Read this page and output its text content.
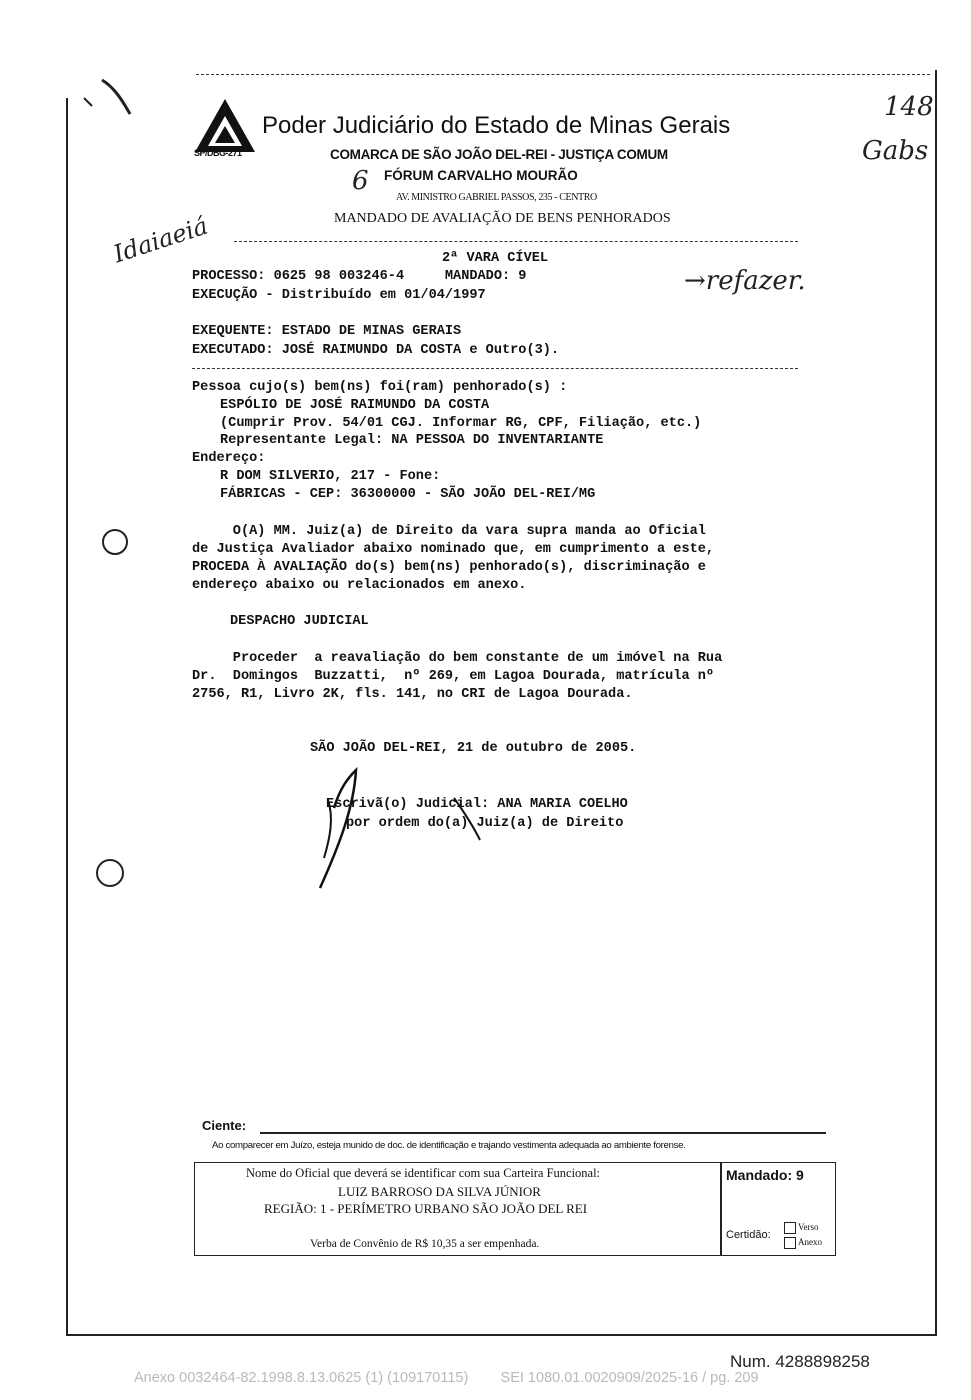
SP/DBG-271
Poder Judiciário do Estado de Minas Gerais
COMARCA DE SÃO JOÃO DEL-REI - JUSTIÇA COMUM
FÓRUM CARVALHO MOURÃO
AV. MINISTRO GABRIEL PASSOS, 235 - CENTRO
MANDADO DE AVALIAÇÃO DE BENS PENHORADOS
6
148
Gabs
Idaiaeiá
→refazer.
2ª VARA CÍVEL
PROCESSO: 0625 98 003246-4     MANDADO: 9
EXECUÇÃO - Distribuído em 01/04/1997
EXEQUENTE: ESTADO DE MINAS GERAIS
EXECUTADO: JOSÉ RAIMUNDO DA COSTA e Outro(3).
Pessoa cujo(s) bem(ns) foi(ram) penhorado(s) :
ESPÓLIO DE JOSÉ RAIMUNDO DA COSTA
(Cumprir Prov. 54/01 CGJ. Informar RG, CPF, Filiação, etc.)
Representante Legal: NA PESSOA DO INVENTARIANTE
Endereço:
R DOM SILVERIO, 217 - Fone:
FÁBRICAS - CEP: 36300000 - SÃO JOÃO DEL-REI/MG
O(A) MM. Juiz(a) de Direito da vara supra manda ao Oficial
de Justiça Avaliador abaixo nominado que, em cumprimento a este,
PROCEDA À AVALIAÇÃO do(s) bem(ns) penhorado(s), discriminação e
endereço abaixo ou relacionados em anexo.
DESPACHO JUDICIAL
Proceder  a reavaliação do bem constante de um imóvel na Rua
Dr.  Domingos  Buzzatti,  nº 269, em Lagoa Dourada, matrícula nº
2756, R1, Livro 2K, fls. 141, no CRI de Lagoa Dourada.
SÃO JOÃO DEL-REI, 21 de outubro de 2005.
Escrivã(o) Judicial: ANA MARIA COELHO
por ordem do(a) Juiz(a) de Direito
Ciente:
Ao comparecer em Juízo, esteja munido de doc. de identificação e trajando vestimenta adequada ao ambiente forense.
Nome do Oficial que deverá se identificar com sua Carteira Funcional:
LUIZ BARROSO DA SILVA JÚNIOR
REGIÃO: 1 - PERÍMETRO URBANO SÃO JOÃO DEL REI
Verba de Convênio de R$ 10,35 a ser empenhada.
Mandado: 9
Certidão:
Verso
Anexo
Num. 4288898258
Anexo 0032464-82.1998.8.13.0625 (1) (109170115)        SEI 1080.01.0020909/2025-16 / pg. 209
